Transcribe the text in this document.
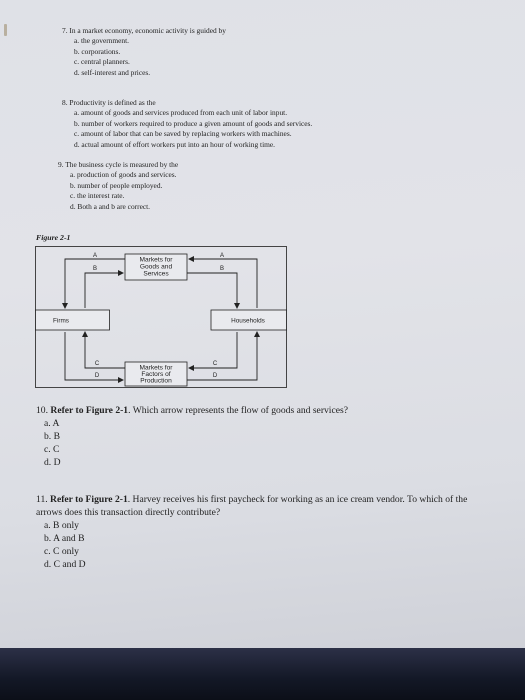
7. In a market economy, economic activity is guided by
a. the government.
b. corporations.
c. central planners.
d. self-interest and prices.
8. Productivity is defined as the
a. amount of goods and services produced from each unit of labor input.
b. number of workers required to produce a given amount of goods and services.
c. amount of labor that can be saved by replacing workers with machines.
d. actual amount of effort workers put into an hour of working time.
9. The business cycle is measured by the
a. production of goods and services.
b. number of people employed.
c. the interest rate.
d. Both a and b are correct.
Figure 2-1
Markets for
Goods and
Services
Firms	Households
Markets for
Factors of
Production
A
B
A
B
C
D
C
D
10. Refer to Figure 2-1. Which arrow represents the flow of goods and services?
a. A
b. B
c. C
d. D
11. Refer to Figure 2-1. Harvey receives his first paycheck for working as an ice cream vendor. To which of the arrows does this transaction directly contribute?
a. B only
b. A and B
c. C only
d. C and D
